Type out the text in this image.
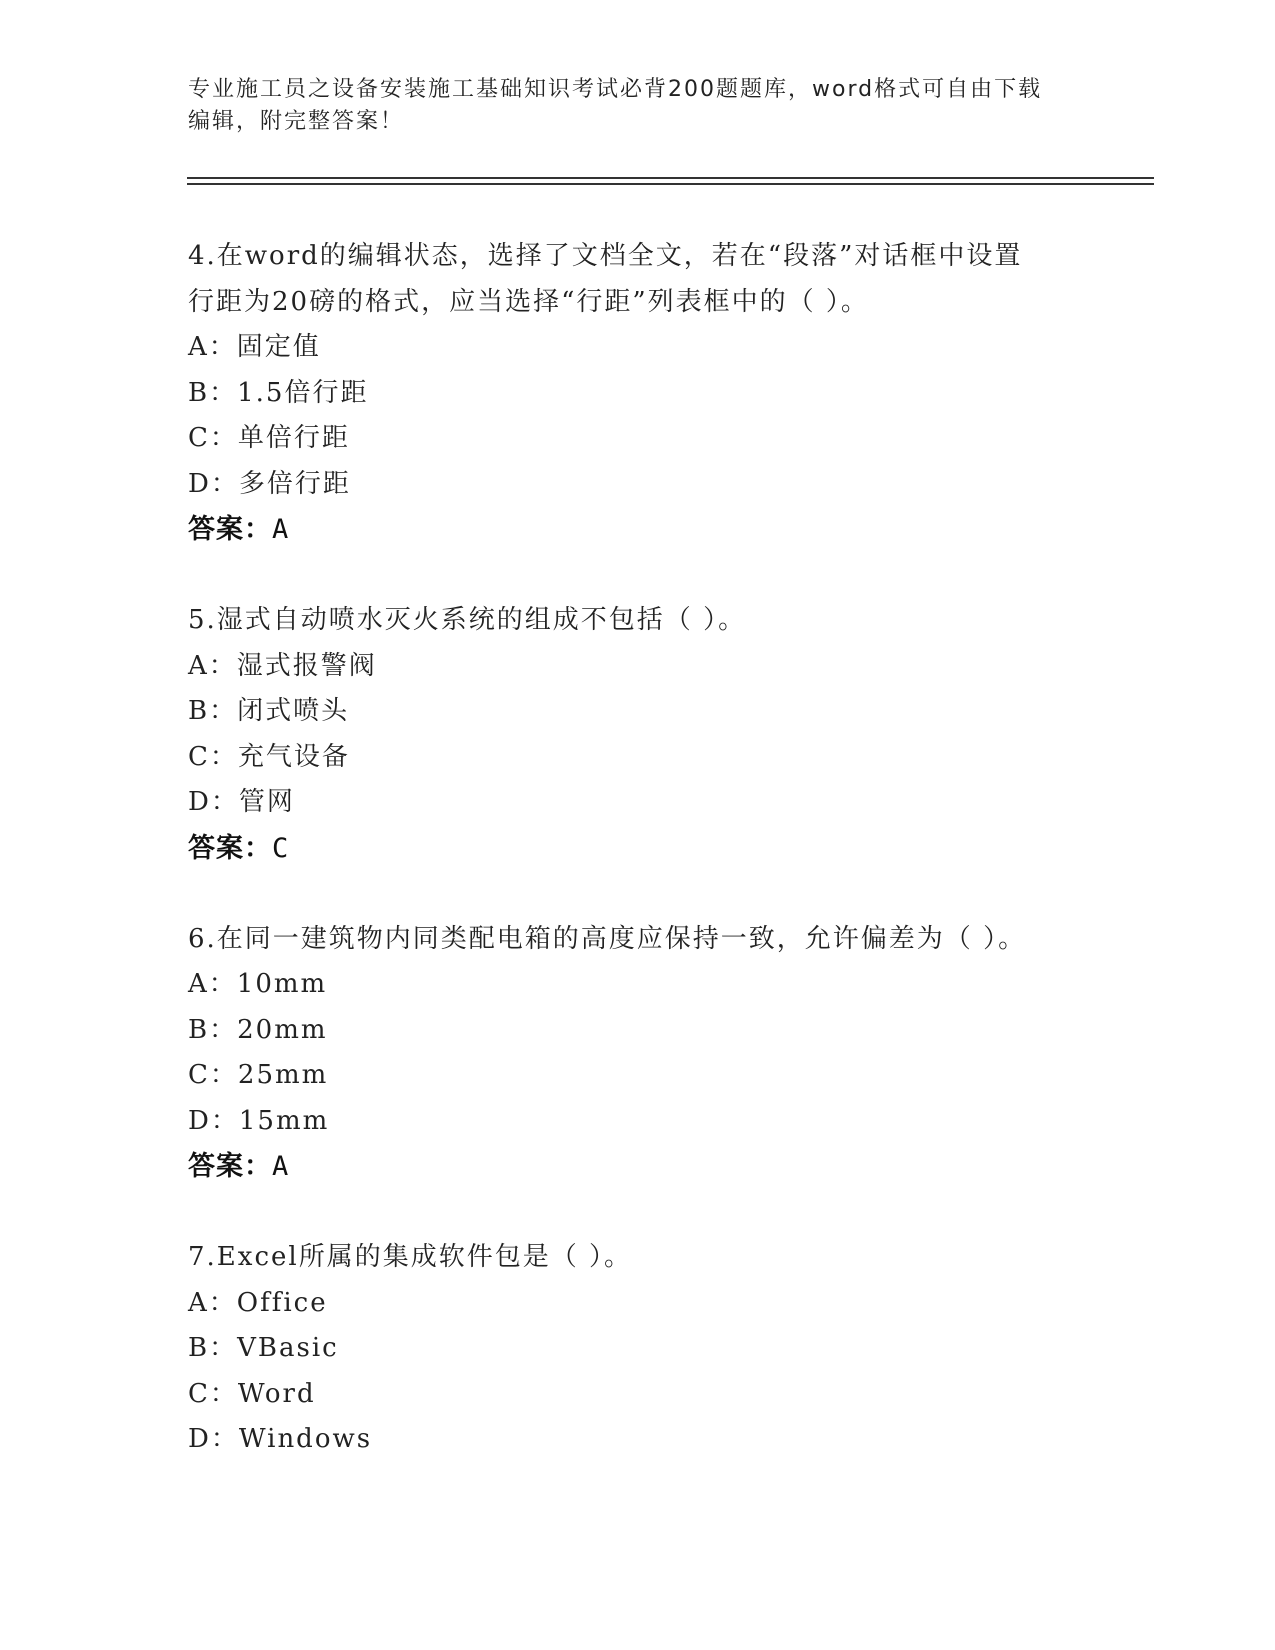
专业施工员之设备安装施工基础知识考试必背200题题库，word格式可自由下载
编辑，附完整答案！
4.在word的编辑状态，选择了文档全文，若在“段落”对话框中设置
行距为20磅的格式，应当选择“行距”列表框中的（ ）。
A：固定值
B：1.5倍行距
C：单倍行距
D：多倍行距
答案：A
5.湿式自动喷水灭火系统的组成不包括（ ）。
A：湿式报警阀
B：闭式喷头
C：充气设备
D：管网
答案：C
6.在同一建筑物内同类配电箱的高度应保持一致，允许偏差为（ ）。
A：10mm
B：20mm
C：25mm
D：15mm
答案：A
7.Excel所属的集成软件包是（ ）。
A：Office
B：VBasic
C：Word
D：Windows
